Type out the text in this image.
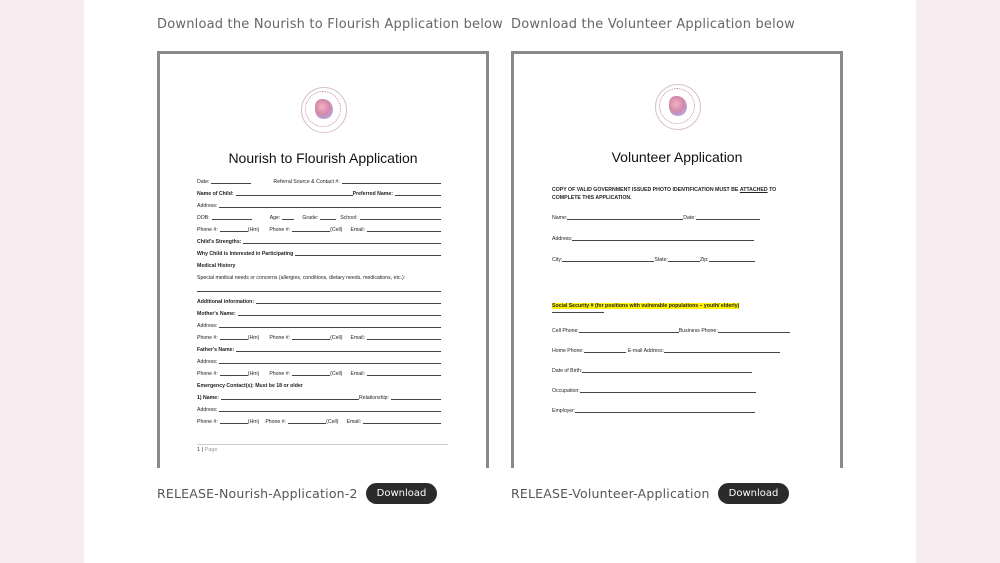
Download the Nourish to Flourish Application below
Nourish to Flourish Application
Date:	Referral Source & Contact #:
Name of Child:	Preferred Name:
Address:
DOB:	Age:	Grade:	School:
Phone #:	(Hm)	Phone #:	(Cell)	Email:
Child's Strengths:
Why Child is Interested in Participating
Medical History
Special medical needs or concerns (allergies, conditions, dietary needs, medications, etc.):
Additional information:
Mother's Name:
Address:
Phone #:	(Hm)	Phone #:	(Cell)	Email:
Father's Name:
Address:
Phone #:	(Hm)	Phone #:	(Cell)	Email:
Emergency Contact(s): Must be 18 or older
1) Name:	Relationship:
Address:
Phone #:	(Hm)	Phone #:	(Cell)	Email:
1 | Page
RELEASE-Nourish-Application-2	Download
Download the Volunteer Application below
Volunteer Application
COPY OF VALID GOVERNMENT ISSUED PHOTO IDENTIFICATION MUST BE
ATTACHED
TO
COMPLETE THIS APPLICATION.
Name:	Date:
Address:
City:	State:	Zip:
Social Security # (for positions with vulnerable populations – youth/ elderly)
Cell Phone:	Business Phone:
Home Phone:	E-mail Address:
Date of Birth:
Occupation:
Employer:
RELEASE-Volunteer-Application	Download
